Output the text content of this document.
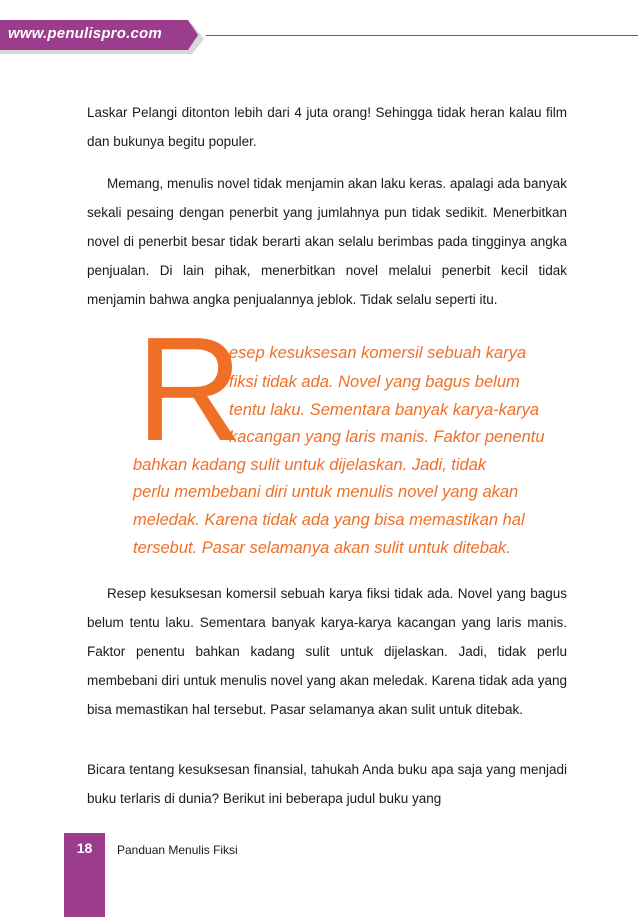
www.penulispro.com

Laskar Pelangi ditonton lebih dari 4 juta orang! Sehingga tidak heran kalau film dan bukunya begitu populer.

Memang, menulis novel tidak menjamin akan laku keras. apalagi ada banyak sekali pesaing dengan penerbit yang jumlahnya pun tidak sedikit. Menerbitkan novel di penerbit besar tidak berarti akan selalu berimbas pada tingginya angka penjualan. Di lain pihak, menerbitkan novel melalui penerbit kecil tidak menjamin bahwa angka penjualannya jeblok. Tidak selalu seperti itu.

R
esep kesuksesan komersil sebuah karya
fiksi tidak ada. Novel yang bagus belum
tentu laku. Sementara banyak karya-karya
kacangan yang laris manis. Faktor penentu
bahkan kadang sulit untuk dijelaskan. Jadi, tidak
perlu membebani diri untuk menulis novel yang akan
meledak. Karena tidak ada yang bisa memastikan hal
tersebut. Pasar selamanya akan sulit untuk ditebak.

Resep kesuksesan komersil sebuah karya fiksi tidak ada. Novel yang bagus belum tentu laku. Sementara banyak karya-karya kacangan yang laris manis. Faktor penentu bahkan kadang sulit untuk dijelaskan. Jadi, tidak perlu membebani diri untuk menulis novel yang akan meledak. Karena tidak ada yang bisa memastikan hal tersebut. Pasar selamanya akan sulit untuk ditebak.

Bicara tentang kesuksesan finansial, tahukah Anda buku apa saja yang menjadi buku terlaris di dunia? Berikut ini beberapa judul buku yang

18	Panduan Menulis Fiksi
